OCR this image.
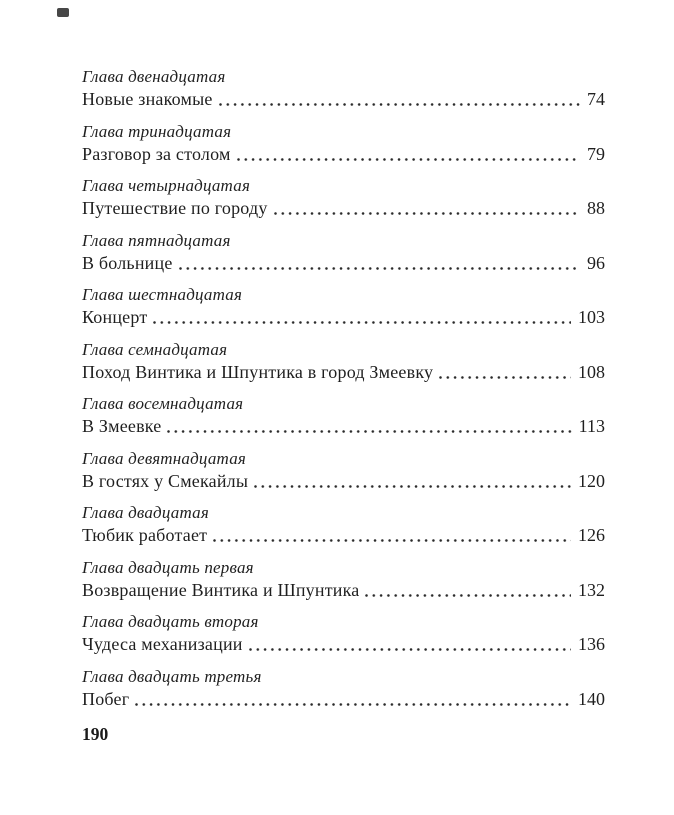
Глава двенадцатая
Новые знакомые	74
Глава тринадцатая
Разговор за столом	79
Глава четырнадцатая
Путешествие по городу	88
Глава пятнадцатая
В больнице	96
Глава шестнадцатая
Концерт	103
Глава семнадцатая
Поход Винтика и Шпунтика в город Змеевку	108
Глава восемнадцатая
В Змеевке	113
Глава девятнадцатая
В гостях у Смекайлы	120
Глава двадцатая
Тюбик работает	126
Глава двадцать первая
Возвращение Винтика и Шпунтика	132
Глава двадцать вторая
Чудеса механизации	136
Глава двадцать третья
Побег	140
190
